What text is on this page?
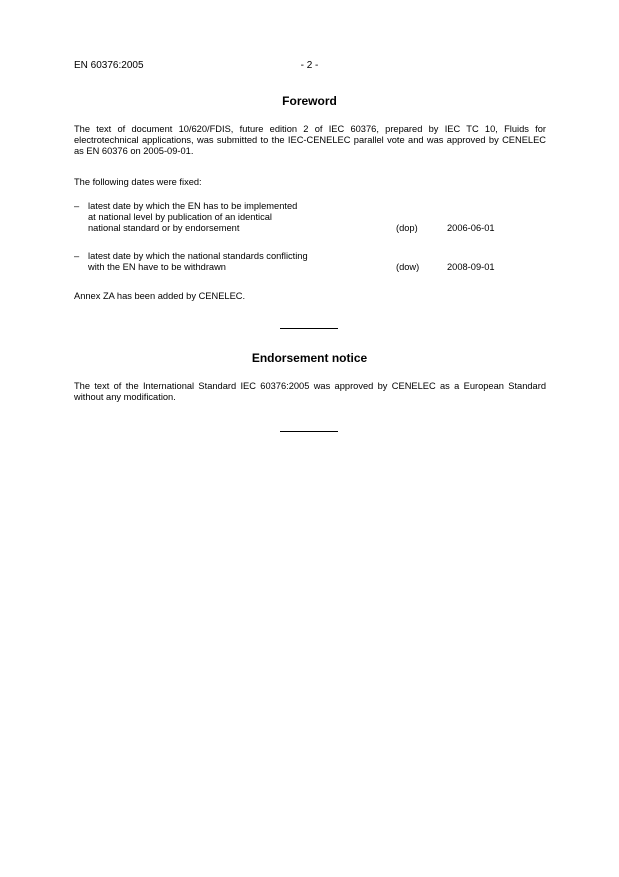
EN 60376:2005	- 2 -
Foreword
The text of document 10/620/FDIS, future edition 2 of IEC 60376, prepared by IEC TC 10, Fluids for electrotechnical applications, was submitted to the IEC-CENELEC parallel vote and was approved by CENELEC as EN 60376 on 2005-09-01.
The following dates were fixed:
– latest date by which the EN has to be implemented
at national level by publication of an identical
national standard or by endorsement	(dop)	2006-06-01
– latest date by which the national standards conflicting
with the EN have to be withdrawn	(dow)	2008-09-01
Annex ZA has been added by CENELEC.
Endorsement notice
The text of the International Standard IEC 60376:2005 was approved by CENELEC as a European Standard without any modification.
